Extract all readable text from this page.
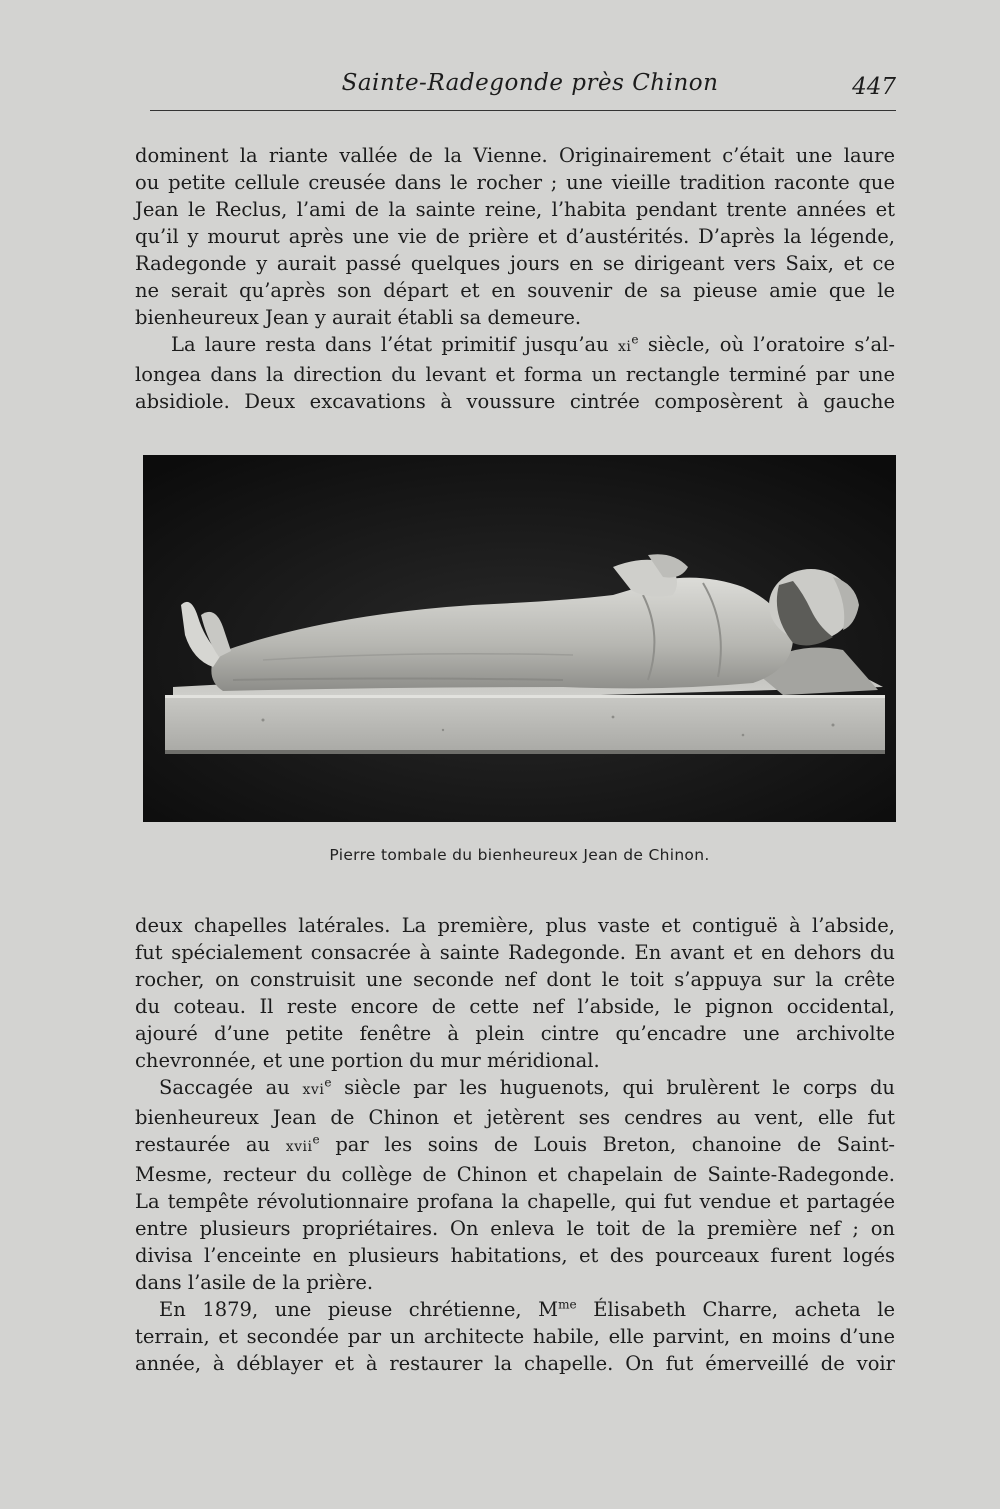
Sainte-Radegonde près Chinon	447
dominent la riante vallée de la Vienne. Originairement c’était une laure
ou petite cellule creusée dans le rocher ; une vieille tradition raconte que
Jean le Reclus, l’ami de la sainte reine, l’habita pendant trente années et
qu’il y mourut après une vie de prière et d’austérités. D’après la légende,
Radegonde y aurait passé quelques jours en se dirigeant vers Saix, et ce
ne serait qu’après son départ et en souvenir de sa pieuse amie que le
bienheureux Jean y aurait établi sa demeure.
La laure resta dans l’état primitif jusqu’au $xi^e$ siècle, où l’oratoire s’al-
longea dans la direction du levant et forma un rectangle terminé par une
absidiole. Deux excavations à voussure cintrée composèrent à gauche
Pierre tombale du bienheureux Jean de Chinon.
deux chapelles latérales. La première, plus vaste et contiguë à l’abside,
fut spécialement consacrée à sainte Radegonde. En avant et en dehors du
rocher, on construisit une seconde nef dont le toit s’appuya sur la crête
du coteau. Il reste encore de cette nef l’abside, le pignon occidental,
ajouré d’une petite fenêtre à plein cintre qu’encadre une archivolte
chevronnée, et une portion du mur méridional.
Saccagée au xvi$^e$ siècle par les huguenots, qui brulèrent le corps du
bienheureux Jean de Chinon et jetèrent ses cendres au vent, elle fut
restaurée au xvii$^e$ par les soins de Louis Breton, chanoine de Saint-
Mesme, recteur du collège de Chinon et chapelain de Sainte-Radegonde.
La tempête révolutionnaire profana la chapelle, qui fut vendue et partagée
entre plusieurs propriétaires. On enleva le toit de la première nef ; on
divisa l’enceinte en plusieurs habitations, et des pourceaux furent logés
dans l’asile de la prière.
En 1879, une pieuse chrétienne, $M^{me}$ Élisabeth Charre, acheta le
terrain, et secondée par un architecte habile, elle parvint, en moins d’une
année, à déblayer et à restaurer la chapelle. On fut émerveillé de voir
